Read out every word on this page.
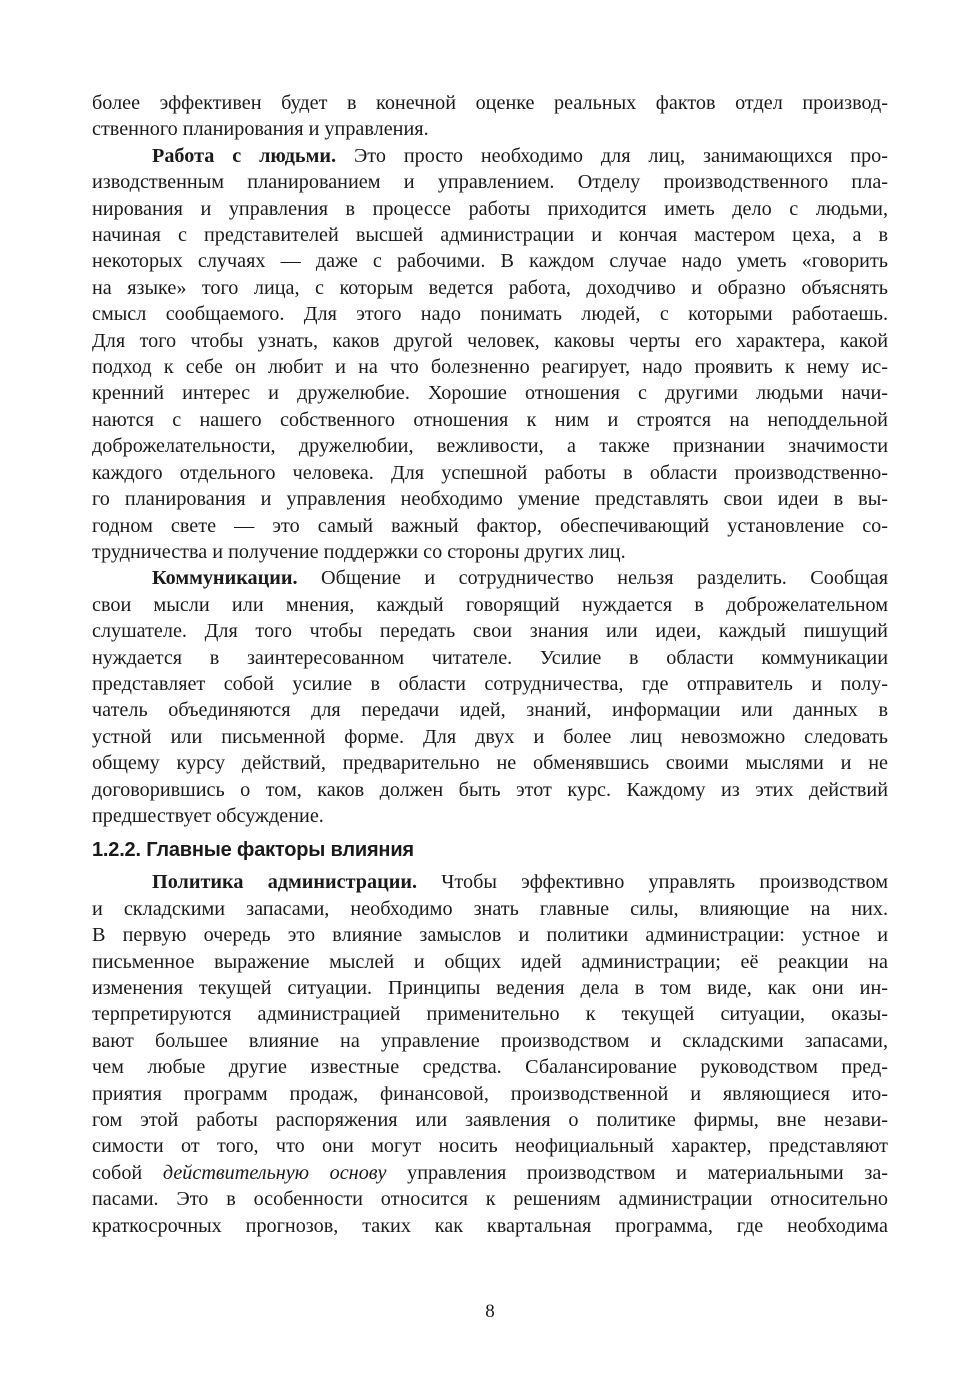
более эффективен будет в конечной оценке реальных фактов отдел производ-
ственного планирования и управления.
Работа с людьми. Это просто необходимо для лиц, занимающихся про-
изводственным планированием и управлением. Отделу производственного пла-
нирования и управления в процессе работы приходится иметь дело с людьми,
начиная с представителей высшей администрации и кончая мастером цеха, а в
некоторых случаях — даже с рабочими. В каждом случае надо уметь «говорить
на языке» того лица, с которым ведется работа, доходчиво и образно объяснять
смысл сообщаемого. Для этого надо понимать людей, с которыми работаешь.
Для того чтобы узнать, каков другой человек, каковы черты его характера, какой
подход к себе он любит и на что болезненно реагирует, надо проявить к нему ис-
кренний интерес и дружелюбие. Хорошие отношения с другими людьми начи-
наются с нашего собственного отношения к ним и строятся на неподдельной
доброжелательности, дружелюбии, вежливости, а также признании значимости
каждого отдельного человека. Для успешной работы в области производственно-
го планирования и управления необходимо умение представлять свои идеи в вы-
годном свете — это самый важный фактор, обеспечивающий установление со-
трудничества и получение поддержки со стороны других лиц.
Коммуникации. Общение и сотрудничество нельзя разделить. Сообщая
свои мысли или мнения, каждый говорящий нуждается в доброжелательном
слушателе. Для того чтобы передать свои знания или идеи, каждый пишущий
нуждается в заинтересованном читателе. Усилие в области коммуникации
представляет собой усилие в области сотрудничества, где отправитель и полу-
чатель объединяются для передачи идей, знаний, информации или данных в
устной или письменной форме. Для двух и более лиц невозможно следовать
общему курсу действий, предварительно не обменявшись своими мыслями и не
договорившись о том, каков должен быть этот курс. Каждому из этих действий
предшествует обсуждение.
1.2.2. Главные факторы влияния
Политика администрации. Чтобы эффективно управлять производством
и складскими запасами, необходимо знать главные силы, влияющие на них.
В первую очередь это влияние замыслов и политики администрации: устное и
письменное выражение мыслей и общих идей администрации; её реакции на
изменения текущей ситуации. Принципы ведения дела в том виде, как они ин-
терпретируются администрацией применительно к текущей ситуации, оказы-
вают большее влияние на управление производством и складскими запасами,
чем любые другие известные средства. Сбалансирование руководством пред-
приятия программ продаж, финансовой, производственной и являющиеся ито-
гом этой работы распоряжения или заявления о политике фирмы, вне незави-
симости от того, что они могут носить неофициальный характер, представляют
собой действительную основу управления производством и материальными за-
пасами. Это в особенности относится к решениям администрации относительно
краткосрочных прогнозов, таких как квартальная программа, где необходима
8
